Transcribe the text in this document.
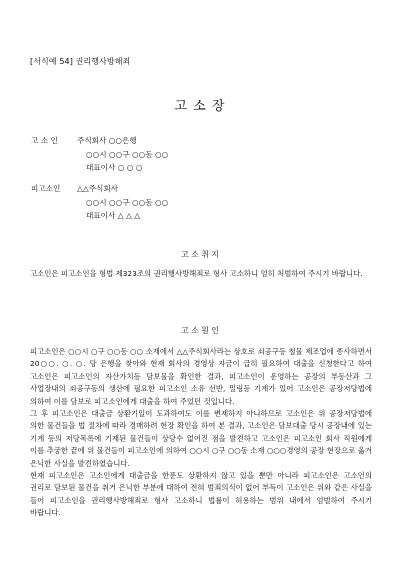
[서식예 54] 권리행사방해죄
고 소 장
고 소 인	주식회사 ○○은행
○○시 ○○구 ○○동 ○○
대표이사 ○ ○ ○
피고소인	△△주식회사
○○시 ○○구 ○○동 ○○
대표이사 △ △ △
고 소 취 지
고소인은 피고소인을 형법 제323조의 권리행사방해죄로 형사 고소하니 엄히 처벌하여 주시기 바랍니다.
고 소 원 인

피고소인은 ○○시 ○구 ○○동 ○○ 소재에서 △△주식회사라는 상호로 쇠공구등 철물 제조업에 종사하면서 20○○. ○. ○. 당 은행을 찾아와 현재 회사의 경영상 자금이 급히 필요하여 대출을 신청한다고 하여 고소인은 피고소인의 자산가치등 담보물을 확인한 결과, 피고소인이 운영하는 공장의 부동산과 그 사업장내의 쇠공구등의 생산에 필요한 피고소인 소유 선반, 밀링등 기계가 있어 고소인은 공장저당법에 의하여 이를 담보로 피고소인에게 대출을 하여 주었던 것입니다.

그 후 피고소인은 대출금 상환기일이 도과하여도 이를 변제하지 아니하므로 고소인은 위 공장저당법에 의한 물건들을 법 절차에 따라 경매하려 현장 확인을 하여 본 결과, 고소인은 담보대출 당시 공장내에 있는 기계 등의 저당목록에 기재된 물건들이 상당수 없어진 점을 발견하고 고소인은 피고소인 회사 직원에게 이를 추궁한 끝에 위 물건들이 피고소인에 의하여 ○○시 ○구 ○○동 소재 ○○○경영의 공장 현장으로 옮겨 은닉한 사실을 발견하였습니다.

현재 피고소인은 고소인에게 대출금을 한푼도 상환하지 않고 있을 뿐만 아니라 피고소인은 고소인의 권리로 담보된 물건을 취거 은닉한 부분에 대하여 전혀 범죄의식이 없어 부득이 고소인은 위와 같은 사실을 들어 피고소인을 권리행사방해죄로 형사 고소하니 법률이 허용하는 범위 내에서 엄벌하여 주시기 바랍니다.
